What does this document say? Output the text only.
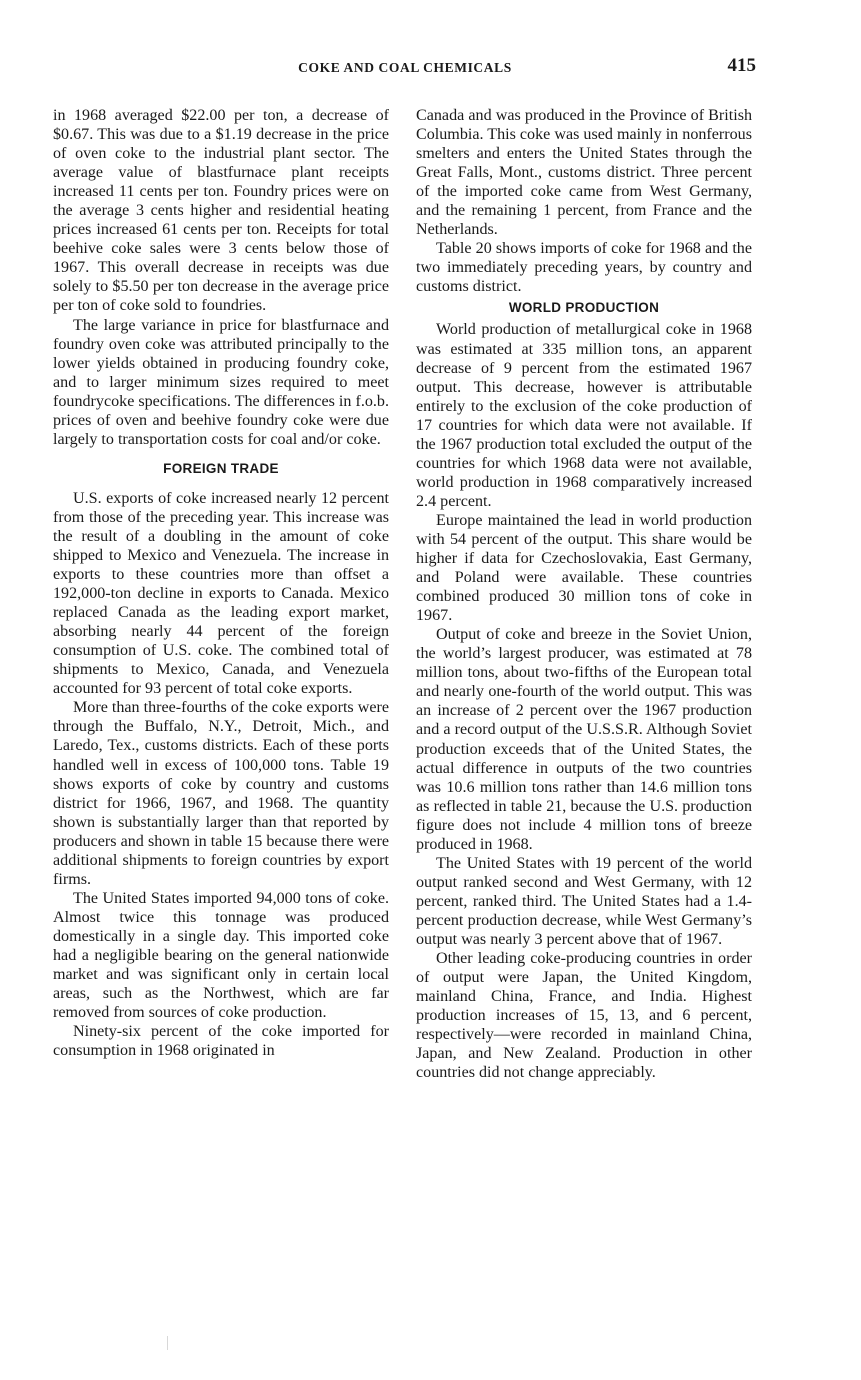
COKE AND COAL CHEMICALS	415

in 1968 averaged $22.00 per ton, a decrease of $0.67. This was due to a $1.19 decrease in the price of oven coke to the industrial plant sector. The average value of blastfurnace plant receipts increased 11 cents per ton. Foundry prices were on the average 3 cents higher and residential heating prices increased 61 cents per ton. Receipts for total beehive coke sales were 3 cents below those of 1967. This overall decrease in receipts was due solely to $5.50 per ton decrease in the average price per ton of coke sold to foundries.

The large variance in price for blastfurnace and foundry oven coke was attributed principally to the lower yields obtained in producing foundry coke, and to larger minimum sizes required to meet foundrycoke specifications. The differences in f.o.b. prices of oven and beehive foundry coke were due largely to transportation costs for coal and/or coke.

FOREIGN TRADE

U.S. exports of coke increased nearly 12 percent from those of the preceding year. This increase was the result of a doubling in the amount of coke shipped to Mexico and Venezuela. The increase in exports to these countries more than offset a 192,000-ton decline in exports to Canada. Mexico replaced Canada as the leading export market, absorbing nearly 44 percent of the foreign consumption of U.S. coke. The combined total of shipments to Mexico, Canada, and Venezuela accounted for 93 percent of total coke exports.

More than three-fourths of the coke exports were through the Buffalo, N.Y., Detroit, Mich., and Laredo, Tex., customs districts. Each of these ports handled well in excess of 100,000 tons. Table 19 shows exports of coke by country and customs district for 1966, 1967, and 1968. The quantity shown is substantially larger than that reported by producers and shown in table 15 because there were additional shipments to foreign countries by export firms.

The United States imported 94,000 tons of coke. Almost twice this tonnage was produced domestically in a single day. This imported coke had a negligible bearing on the general nationwide market and was significant only in certain local areas, such as the Northwest, which are far removed from sources of coke production.

Ninety-six percent of the coke imported for consumption in 1968 originated in

Canada and was produced in the Province of British Columbia. This coke was used mainly in nonferrous smelters and enters the United States through the Great Falls, Mont., customs district. Three percent of the imported coke came from West Germany, and the remaining 1 percent, from France and the Netherlands.

Table 20 shows imports of coke for 1968 and the two immediately preceding years, by country and customs district.

WORLD PRODUCTION

World production of metallurgical coke in 1968 was estimated at 335 million tons, an apparent decrease of 9 percent from the estimated 1967 output. This decrease, however is attributable entirely to the exclusion of the coke production of 17 countries for which data were not available. If the 1967 production total excluded the output of the countries for which 1968 data were not available, world production in 1968 comparatively increased 2.4 percent.

Europe maintained the lead in world production with 54 percent of the output. This share would be higher if data for Czechoslovakia, East Germany, and Poland were available. These countries combined produced 30 million tons of coke in 1967.

Output of coke and breeze in the Soviet Union, the world’s largest producer, was estimated at 78 million tons, about two-fifths of the European total and nearly one-fourth of the world output. This was an increase of 2 percent over the 1967 production and a record output of the U.S.S.R. Although Soviet production exceeds that of the United States, the actual difference in outputs of the two countries was 10.6 million tons rather than 14.6 million tons as reflected in table 21, because the U.S. production figure does not include 4 million tons of breeze produced in 1968.

The United States with 19 percent of the world output ranked second and West Germany, with 12 percent, ranked third. The United States had a 1.4-percent production decrease, while West Germany’s output was nearly 3 percent above that of 1967.

Other leading coke-producing countries in order of output were Japan, the United Kingdom, mainland China, France, and India. Highest production increases of 15, 13, and 6 percent, respectively—were recorded in mainland China, Japan, and New Zealand. Production in other countries did not change appreciably.
